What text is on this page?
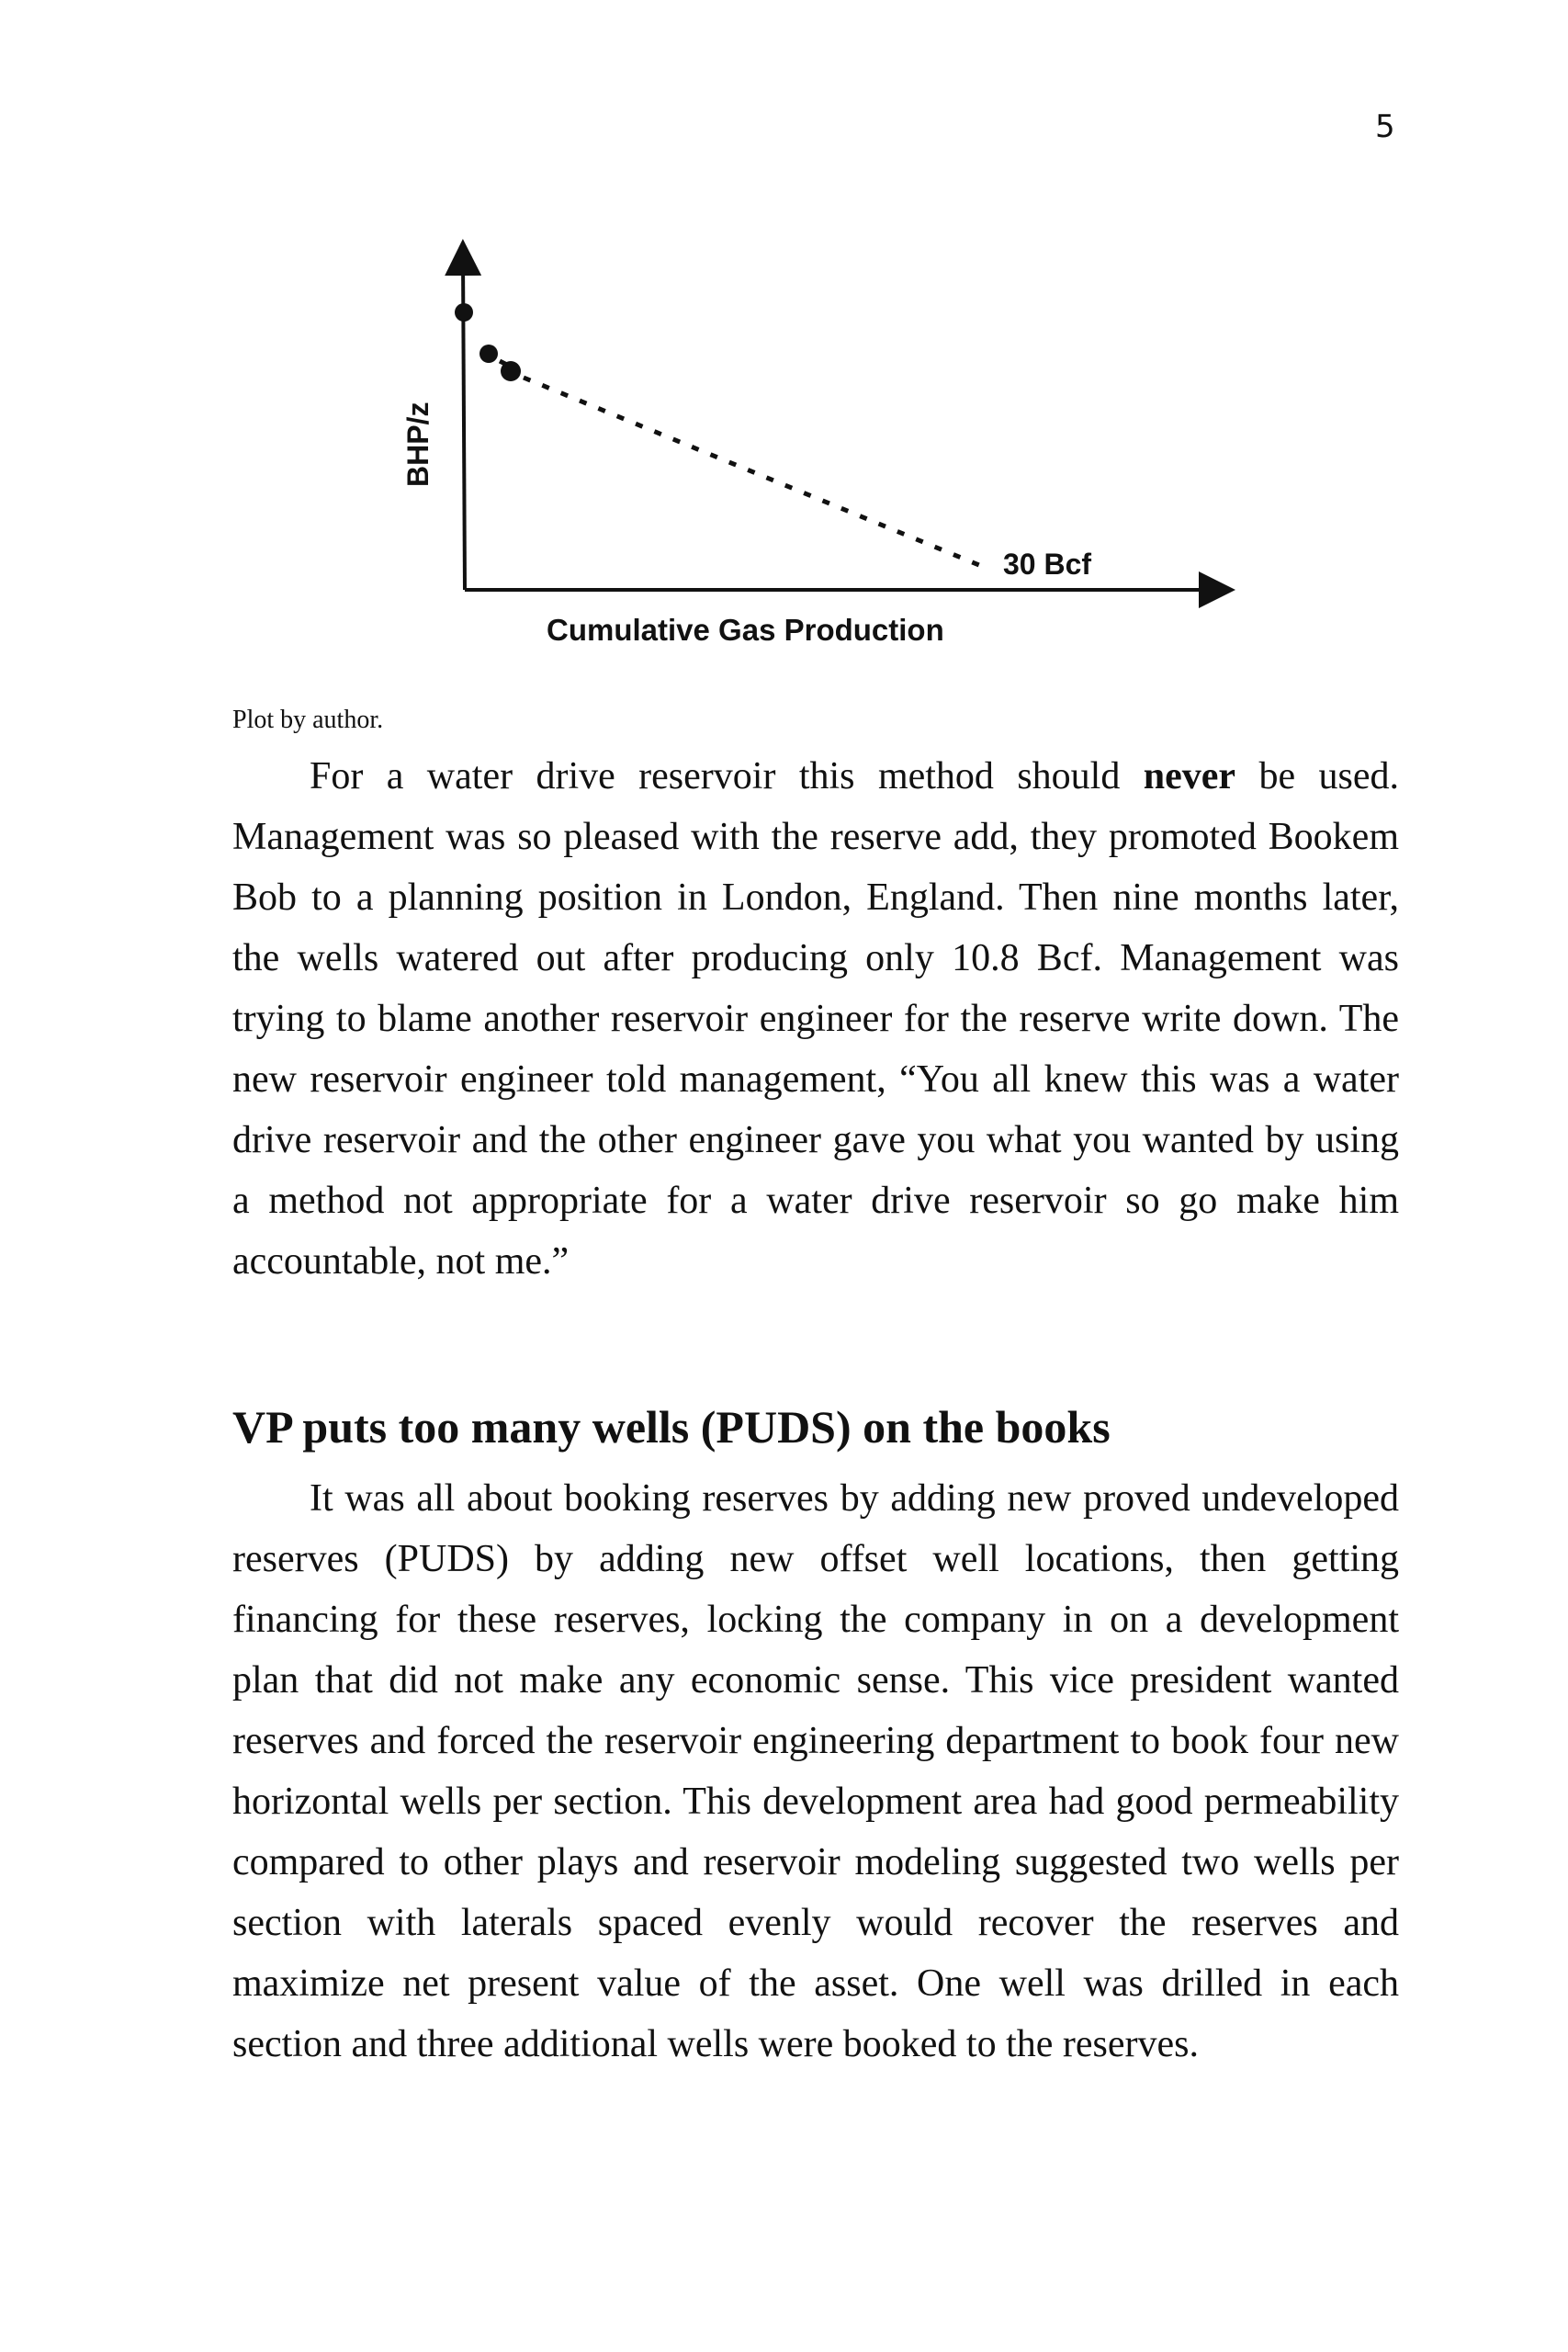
5
30 Bcf
BHP/z
Cumulative Gas Production
Plot by author.

For a water drive reservoir this method should never be used. Management was so pleased with the reserve add, they promoted Bookem Bob to a planning position in London, England. Then nine months later, the wells watered out after producing only 10.8 Bcf. Management was trying to blame another reservoir engineer for the reserve write down. The new reservoir engineer told management, “You all knew this was a water drive reservoir and the other engineer gave you what you wanted by using a method not appropriate for a water drive reservoir so go make him accountable, not me.”

VP puts too many wells (PUDS) on the books

It was all about booking reserves by adding new proved undeveloped reserves (PUDS) by adding new offset well locations, then getting financing for these reserves, locking the company in on a development plan that did not make any economic sense. This vice president wanted reserves and forced the reservoir engineering department to book four new horizontal wells per section. This development area had good permeability compared to other plays and reservoir modeling suggested two wells per section with laterals spaced evenly would recover the reserves and maximize net present value of the asset. One well was drilled in each section and three additional wells were booked to the reserves.
